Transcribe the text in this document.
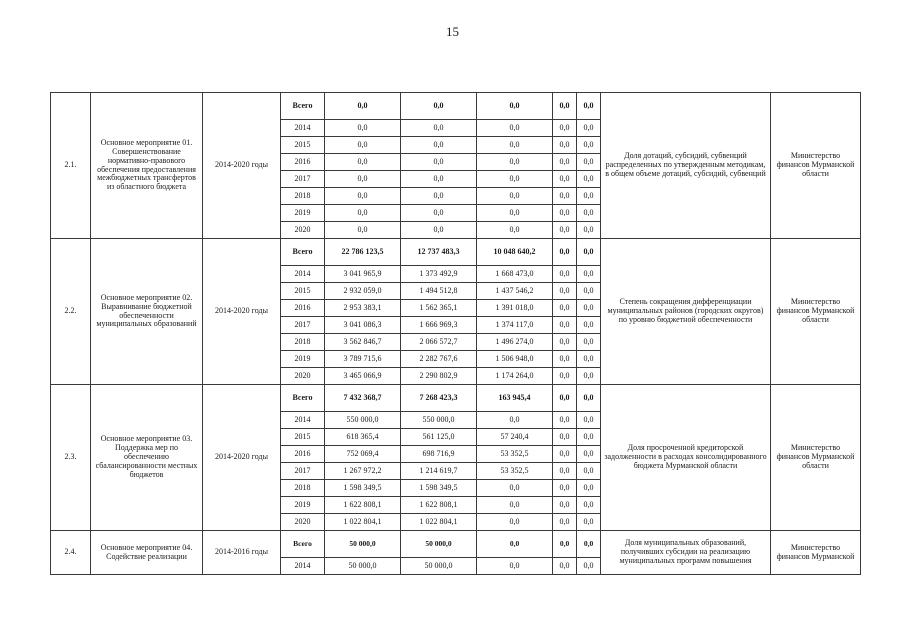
15
2.1.	Основное мероприятие 01. Совершенствование нормативно-правового обеспечения предоставления межбюджетных трансфертов из областного бюджета	2014-2020 годы	Всего	0,0	0,0	0,0	0,0	0,0	Доля дотаций, субсидий, субвенций распределенных по утвержденным методикам, в общем объеме дотаций, субсидий, субвенций	Министерство финансов Мурманской области
			2014	0,0	0,0	0,0	0,0	0,0		
			2015	0,0	0,0	0,0	0,0	0,0		
			2016	0,0	0,0	0,0	0,0	0,0		
			2017	0,0	0,0	0,0	0,0	0,0		
			2018	0,0	0,0	0,0	0,0	0,0		
			2019	0,0	0,0	0,0	0,0	0,0		
			2020	0,0	0,0	0,0	0,0	0,0		
2.2.	Основное мероприятие 02. Выравнивание бюджетной обеспеченности муниципальных образований	2014-2020 годы	Всего	22 786 123,5	12 737 483,3	10 048 640,2	0,0	0,0	Степень сокращения дифференциации муниципальных районов (городских округов) по уровню бюджетной обеспеченности	Министерство финансов Мурманской области
			2014	3 041 965,9	1 373 492,9	1 668 473,0	0,0	0,0		
			2015	2 932 059,0	1 494 512,8	1 437 546,2	0,0	0,0		
			2016	2 953 383,1	1 562 365,1	1 391 018,0	0,0	0,0		
			2017	3 041 086,3	1 666 969,3	1 374 117,0	0,0	0,0		
			2018	3 562 846,7	2 066 572,7	1 496 274,0	0,0	0,0		
			2019	3 789 715,6	2 282 767,6	1 506 948,0	0,0	0,0		
			2020	3 465 066,9	2 290 802,9	1 174 264,0	0,0	0,0		
2.3.	Основное мероприятие 03. Поддержка мер по обеспечению сбалансированности местных бюджетов	2014-2020 годы	Всего	7 432 368,7	7 268 423,3	163 945,4	0,0	0,0	Доля просроченной кредиторской задолженности в расходах консолидированного бюджета Мурманской области	Министерство финансов Мурманской области
			2014	550 000,0	550 000,0	0,0	0,0	0,0		
			2015	618 365,4	561 125,0	57 240,4	0,0	0,0		
			2016	752 069,4	698 716,9	53 352,5	0,0	0,0		
			2017	1 267 972,2	1 214 619,7	53 352,5	0,0	0,0		
			2018	1 598 349,5	1 598 349,5	0,0	0,0	0,0		
			2019	1 622 808,1	1 622 808,1	0,0	0,0	0,0		
			2020	1 022 804,1	1 022 804,1	0,0	0,0	0,0		
2.4.	Основное мероприятие 04. Содействие реализации	2014-2016 годы	Всего	50 000,0	50 000,0	0,0	0,0	0,0	Доля муниципальных образований, получивших субсидии на реализацию муниципальных программ повышения	Министерство финансов Мурманской
			2014	50 000,0	50 000,0	0,0	0,0	0,0		
